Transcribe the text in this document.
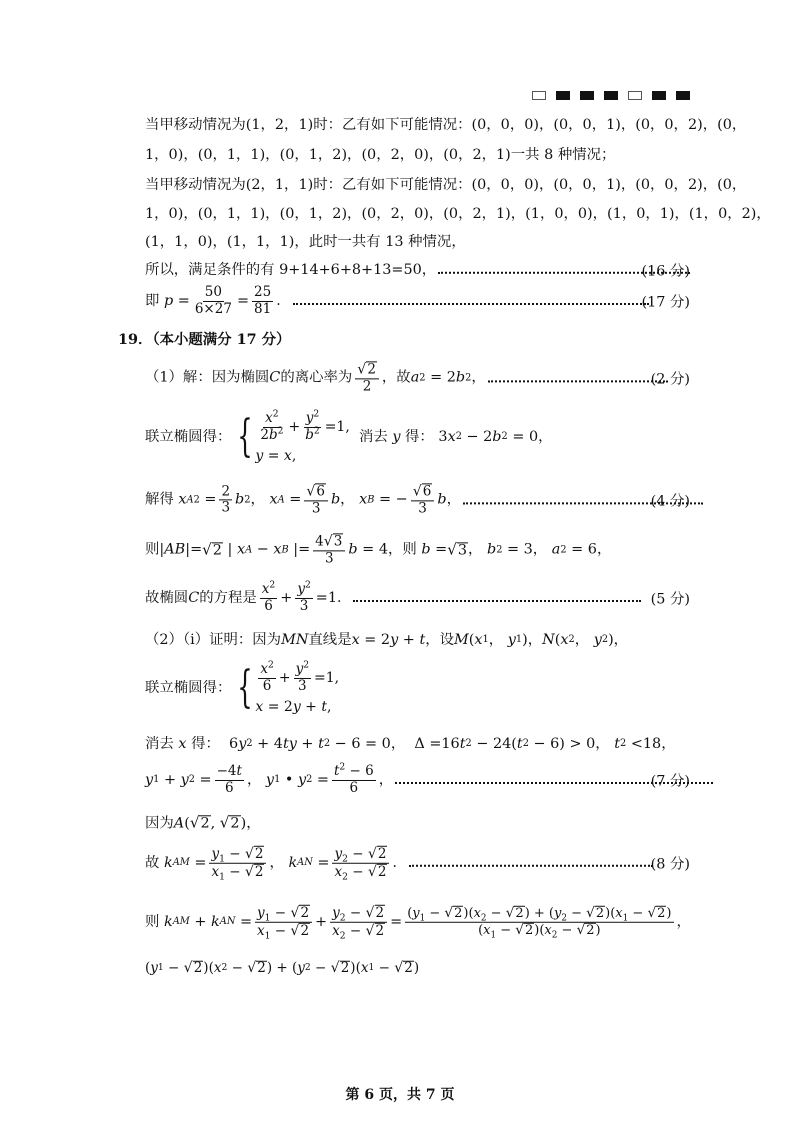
当甲移动情况为(1，2，1)时：乙有如下可能情况：(0，0，0)，(0，0，1)，(0，0，2)，(0，
1，0)，(0，1，1)，(0，1，2)，(0，2，0)，(0，2，1)一共 8 种情况；
当甲移动情况为(2，1，1)时：乙有如下可能情况：(0，0，0)，(0，0，1)，(0，0，2)，(0，
1，0)，(0，1，1)，(0，1，2)，(0，2，0)，(0，2，1)，(1，0，0)，(1，0，1)，(1，0，2)，
(1，1，0)，(1，1，1)，此时一共有 13 种情况，
所以，满足条件的有 9+14+6+8+13=50，	(16 分)
即
$p = \frac{50}{6\times 27} = \frac{25}{81}$ ．	(17 分)
19．（本小题满分 17 分）
（1）解：因为椭圆 C 的离心率为 $\frac{√ 2}{2}$ ，故 a 2 = 2 b 2 ，	(2 分)
联立椭圆得： { $\frac{x^2}{2b^2} + \frac{y^2}{b^2} =1$,
y = x ,

消去
y
得： 3 x 2 − 2 b 2 = 0，
解得
x A $2 = \frac{2}{3}$ b 2 ， x $A = \frac{√ 6}{3}$ b ， x B = − $\frac{√ 6}{3}$ b ，	(4 分)
则 | AB |= √ 2 | x A − x B |= $\frac{4 √ 3}{3}$ b = 4 ，则
b = √ 3 ， b 2 = 3， a 2 = 6，
故椭圆 C 的方程是 $\frac{x^2}{6} + \frac{y^2}{3} =1$．	(5 分)
（2）（i）证明：因为 MN 直线是 x = 2 y + t ，设 M ( x 1 ， y 1 )， N ( x 2 ， y 2 )，
联立椭圆得： { $\frac{x^2}{6} + \frac{y^2}{3} =1$,
x = 2 y + t ,
消去
x
得： 6 y 2 + 4 ty + t 2 − 6 = 0，  Δ =16 t 2 − 24( t 2 − 6) > 0， t 2 <18，
y 1 + y $2 = \frac{-4t}{6}$ ， y 1 • y $2 = \frac{t^2 - 6}{6}$ ，	(7 分)
因为 A ( √ 2 , √ 2 )，
故
k AM = $\frac{y_1 - √ 2}{x_1 - √ 2}$ ， k AN = $\frac{y_2 - √ 2}{x_2 - √ 2}$ ．	(8 分)
则
k AM + k AN = $\frac{y_1 - √ 2}{x_1 - √ 2} + \frac{y_2 - √ 2}{x_2 - √ 2} = \frac{(y_1 - √ 2 )(x_2 - √ 2 ) + (y_2 - √ 2 )(x_1 - √ 2 )}{(x_1 - √ 2 )(x_2 - √ 2 )}$ ，
( y 1 − √ 2 )( x 2 − √ 2 ) + ( y 2 − √ 2 )( x 1 − √ 2 )
第 6 页，共 7 页
